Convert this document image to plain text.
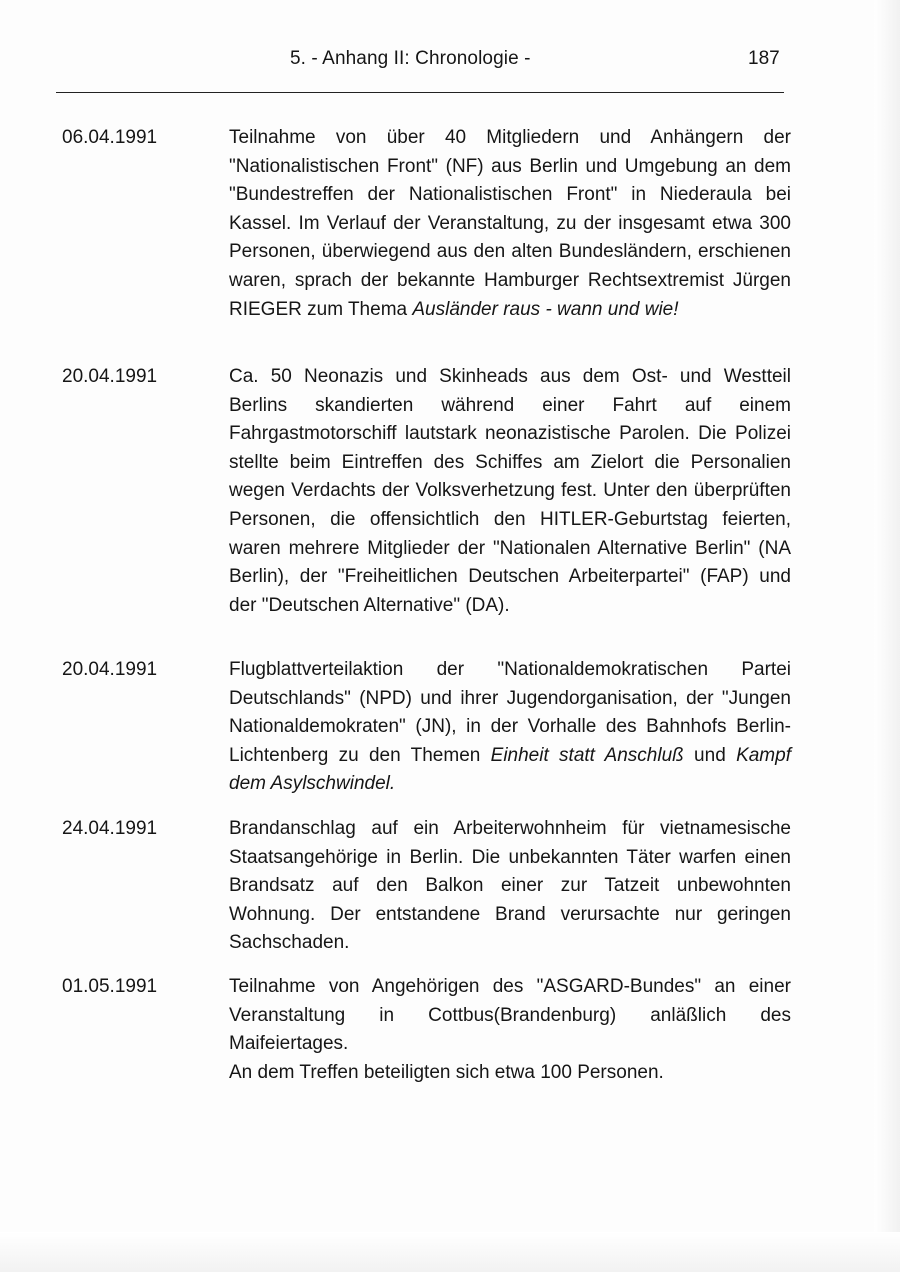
5. - Anhang II: Chronologie -	187
06.04.1991	Teilnahme von über 40 Mitgliedern und Anhängern der "Nationalistischen Front" (NF) aus Berlin und Umgebung an dem "Bundestreffen der Nationalistischen Front" in Niederaula bei Kassel. Im Verlauf der Veranstaltung, zu der insgesamt etwa 300 Personen, überwiegend aus den alten Bundesländern, erschienen waren, sprach der bekannte Hamburger Rechtsextremist Jürgen RIEGER zum Thema Ausländer raus - wann und wie!

20.04.1991	Ca. 50 Neonazis und Skinheads aus dem Ost- und Westteil Berlins skandierten während einer Fahrt auf einem Fahrgastmotorschiff lautstark neonazistische Parolen. Die Polizei stellte beim Eintreffen des Schiffes am Zielort die Personalien wegen Verdachts der Volksverhetzung fest. Unter den überprüften Personen, die offensichtlich den HITLER-Geburtstag feierten, waren mehrere Mitglieder der "Nationalen Alternative Berlin" (NA Berlin), der "Freiheitlichen Deutschen Arbeiterpartei" (FAP) und der "Deutschen Alternative" (DA).

20.04.1991	Flugblattverteilaktion der "Nationaldemokratischen Partei Deutschlands" (NPD) und ihrer Jugendorganisation, der "Jungen Nationaldemokraten" (JN), in der Vorhalle des Bahnhofs Berlin-Lichtenberg zu den Themen Einheit statt Anschluß und Kampf dem Asylschwindel.

24.04.1991	Brandanschlag auf ein Arbeiterwohnheim für vietnamesische Staatsangehörige in Berlin. Die unbekannten Täter warfen einen Brandsatz auf den Balkon einer zur Tatzeit unbewohnten Wohnung. Der entstandene Brand verursachte nur geringen Sachschaden.

01.05.1991	Teilnahme von Angehörigen des "ASGARD-Bundes" an einer Veranstaltung in Cottbus(Brandenburg) anläßlich des Maifeiertages.

An dem Treffen beteiligten sich etwa 100 Personen.
